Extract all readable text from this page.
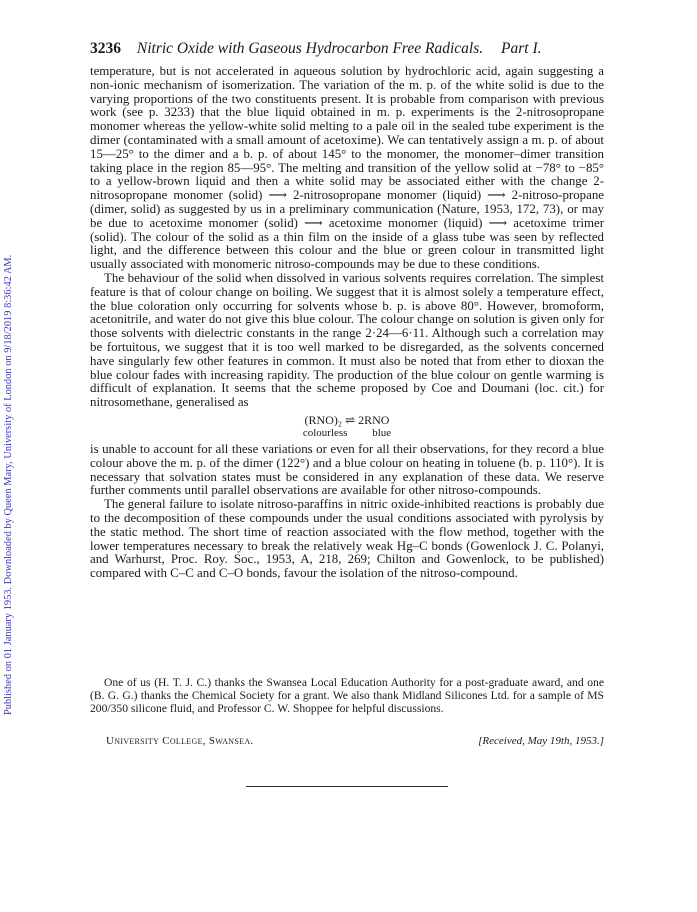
Published on 01 January 1953. Downloaded by Queen Mary, University of London on 9/18/2019 8:36:42 AM.
3236 Nitric Oxide with Gaseous Hydrocarbon Free Radicals. Part I.

temperature, but is not accelerated in aqueous solution by hydrochloric acid, again suggesting a non-ionic mechanism of isomerization. The variation of the m. p. of the white solid is due to the varying proportions of the two constituents present. It is probable from comparison with previous work (see p. 3233) that the blue liquid obtained in m. p. experiments is the 2-nitrosopropane monomer whereas the yellow-white solid melting to a pale oil in the sealed tube experiment is the dimer (contaminated with a small amount of acetoxime). We can tentatively assign a m. p. of about 15—25° to the dimer and a b. p. of about 145° to the monomer, the monomer–dimer transition taking place in the region 85—95°. The melting and transition of the yellow solid at −78° to −85° to a yellow-brown liquid and then a white solid may be associated either with the change 2-nitrosopropane monomer (solid) ⟶ 2-nitrosopropane monomer (liquid) ⟶ 2-nitroso-propane (dimer, solid) as suggested by us in a preliminary communication (Nature, 1953, 172, 73), or may be due to acetoxime monomer (solid) ⟶ acetoxime monomer (liquid) ⟶ acetoxime trimer (solid). The colour of the solid as a thin film on the inside of a glass tube was seen by reflected light, and the difference between this colour and the blue or green colour in transmitted light usually associated with monomeric nitroso-compounds may be due to these conditions.

The behaviour of the solid when dissolved in various solvents requires correlation. The simplest feature is that of colour change on boiling. We suggest that it is almost solely a temperature effect, the blue coloration only occurring for solvents whose b. p. is above 80°. However, bromoform, acetonitrile, and water do not give this blue colour. The colour change on solution is given only for those solvents with dielectric constants in the range 2·24—6·11. Although such a correlation may be fortuitous, we suggest that it is too well marked to be disregarded, as the solvents concerned have singularly few other features in common. It must also be noted that from ether to dioxan the blue colour fades with increasing rapidity. The production of the blue colour on gentle warming is difficult of explanation. It seems that the scheme proposed by Coe and Doumani (loc. cit.) for nitrosomethane, generalised as

(RNO)₂ ⇌ 2RNO
colourless blue

is unable to account for all these variations or even for all their observations, for they record a blue colour above the m. p. of the dimer (122°) and a blue colour on heating in toluene (b. p. 110°). It is necessary that solvation states must be considered in any explanation of these data. We reserve further comments until parallel observations are available for other nitroso-compounds.

The general failure to isolate nitroso-paraffins in nitric oxide-inhibited reactions is probably due to the decomposition of these compounds under the usual conditions associated with pyrolysis by the static method. The short time of reaction associated with the flow method, together with the lower temperatures necessary to break the relatively weak Hg–C bonds (Gowenlock J. C. Polanyi, and Warhurst, Proc. Roy. Soc., 1953, A, 218, 269; Chilton and Gowenlock, to be published) compared with C–C and C–O bonds, favour the isolation of the nitroso-compound.

One of us (H. T. J. C.) thanks the Swansea Local Education Authority for a post-graduate award, and one (B. G. G.) thanks the Chemical Society for a grant. We also thank Midland Silicones Ltd. for a sample of MS 200/350 silicone fluid, and Professor C. W. Shoppee for helpful discussions.

University College, Swansea.	[Received, May 19th, 1953.]
